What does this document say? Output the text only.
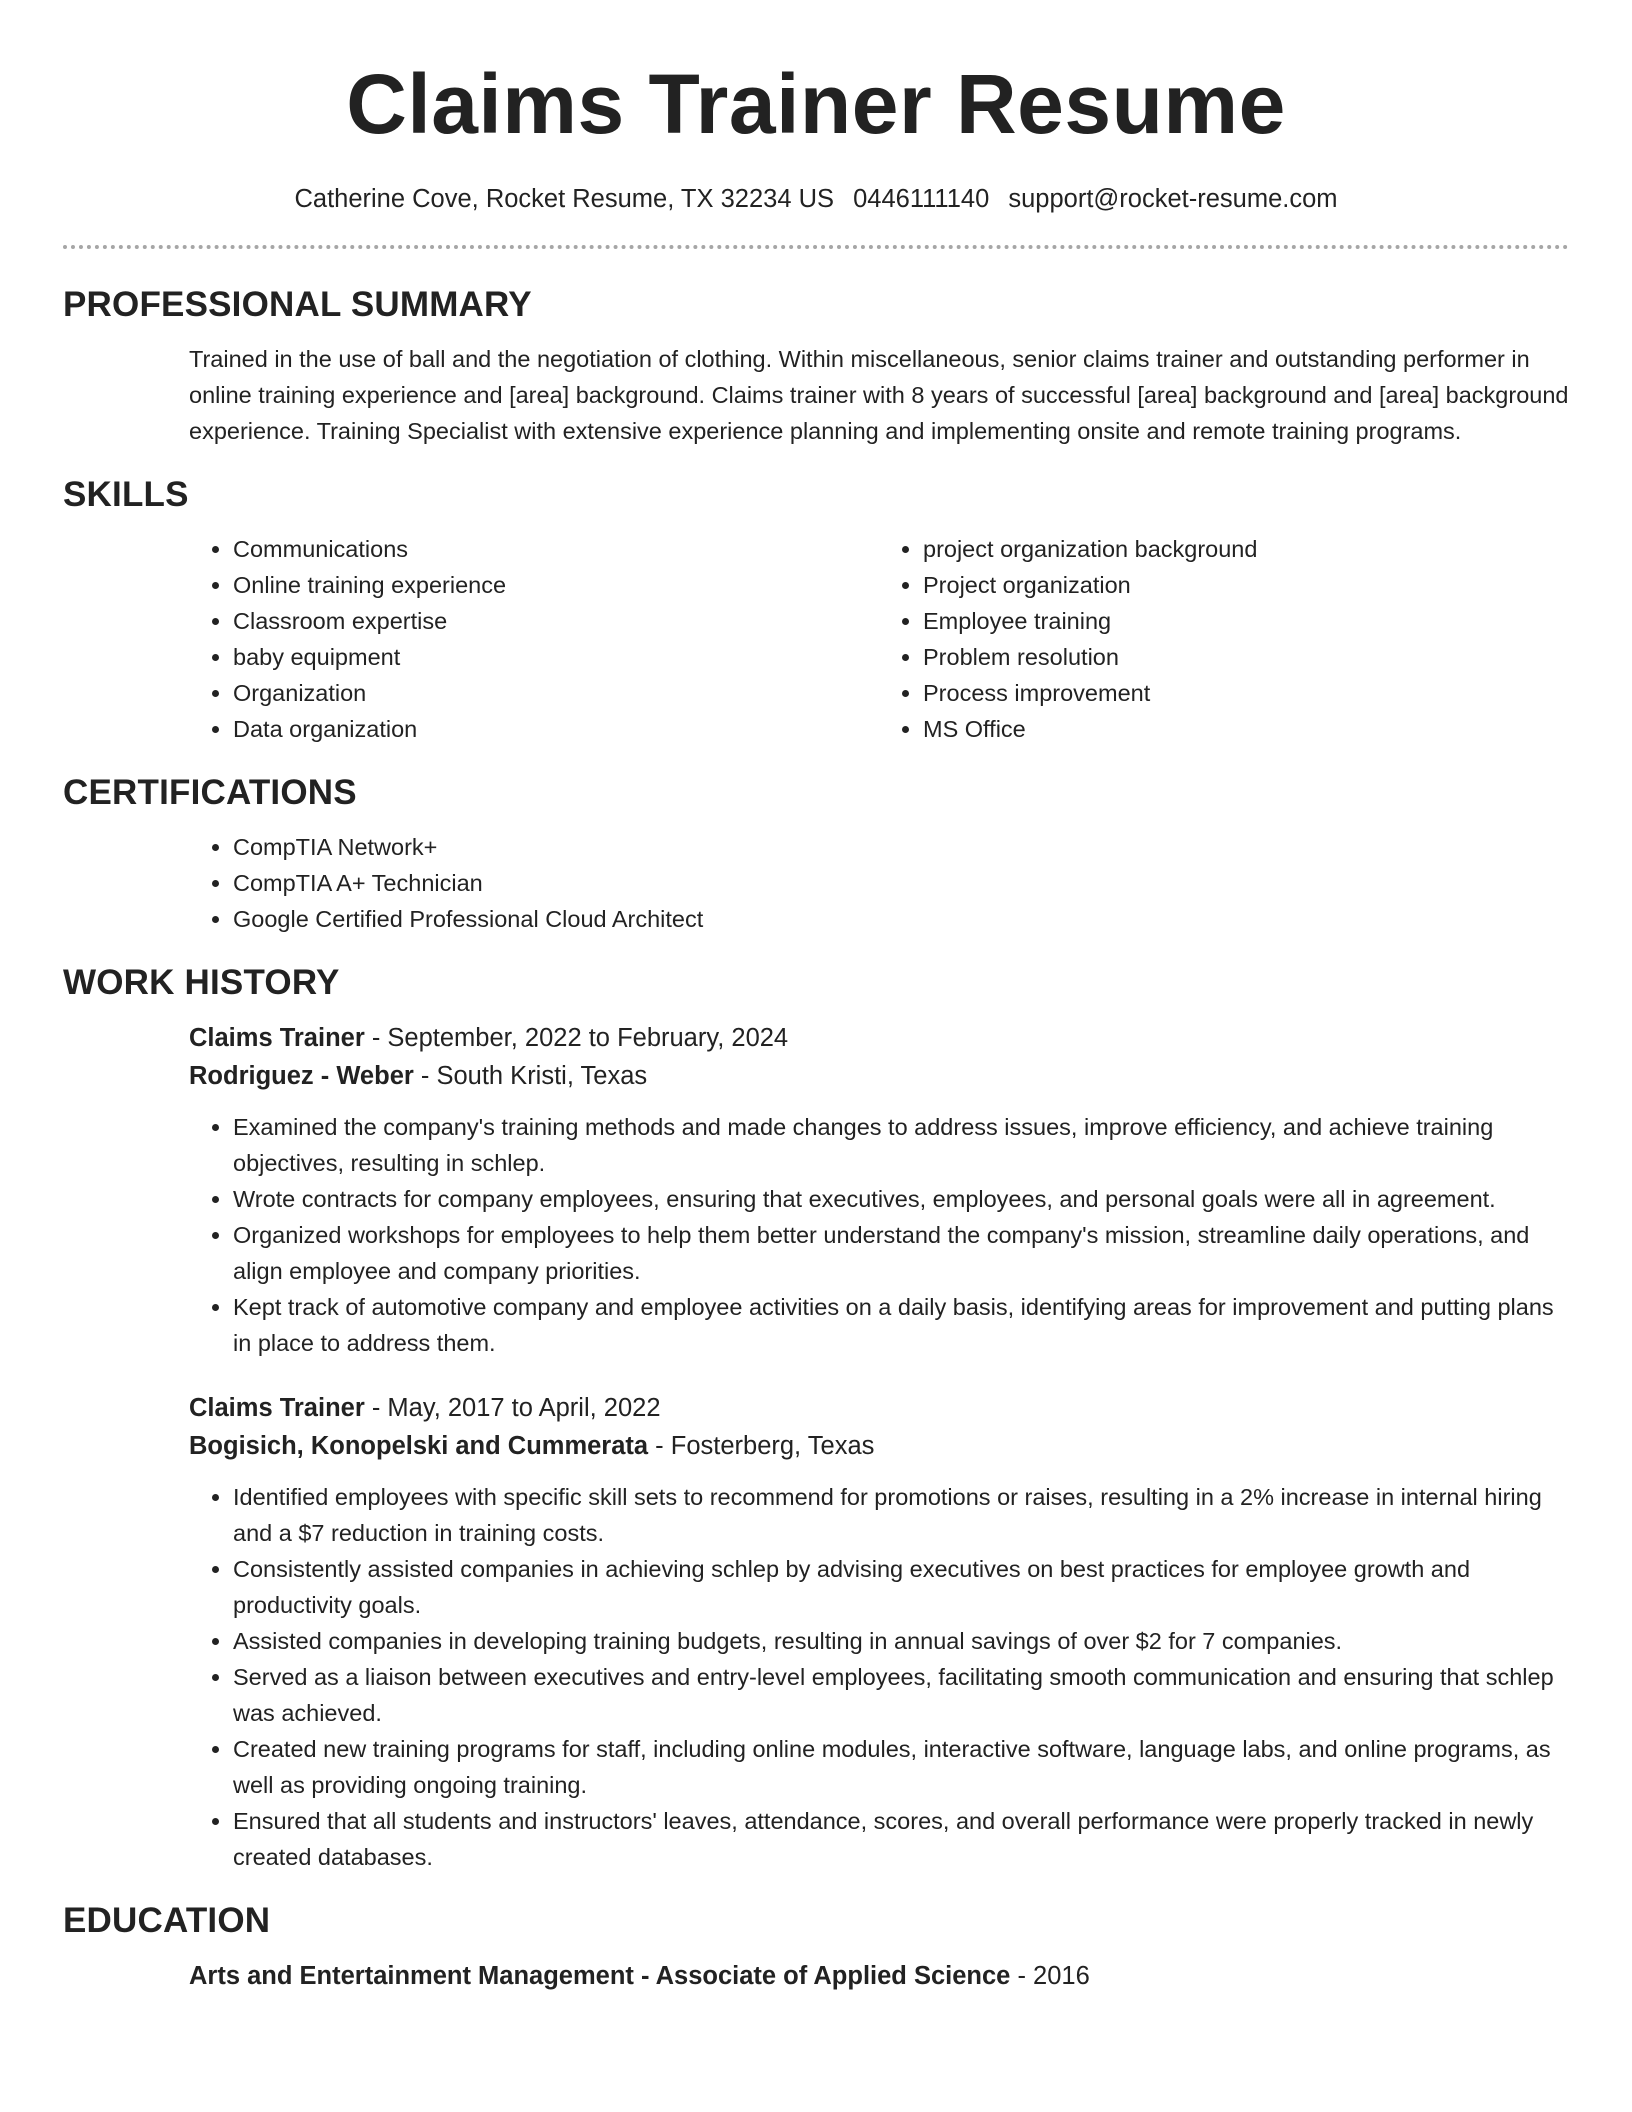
Claims Trainer Resume
Catherine Cove, Rocket Resume, TX 32234 US 0446111140 support@rocket-resume.com
PROFESSIONAL SUMMARY

Trained in the use of ball and the negotiation of clothing. Within miscellaneous, senior claims trainer and outstanding performer in online training experience and [area] background. Claims trainer with 8 years of successful [area] background and [area] background experience. Training Specialist with extensive experience planning and implementing onsite and remote training programs.

SKILLS
• Communications
• Online training experience
• Classroom expertise
• baby equipment
• Organization
• Data organization
• project organization background
• Project organization
• Employee training
• Problem resolution
• Process improvement
• MS Office
CERTIFICATIONS
• CompTIA Network+
• CompTIA A+ Technician
• Google Certified Professional Cloud Architect
WORK HISTORY
Claims Trainer - September, 2022 to February, 2024
Rodriguez - Weber - South Kristi, Texas
• Examined the company's training methods and made changes to address issues, improve efficiency, and achieve training objectives, resulting in schlep.
• Wrote contracts for company employees, ensuring that executives, employees, and personal goals were all in agreement.
• Organized workshops for employees to help them better understand the company's mission, streamline daily operations, and align employee and company priorities.
• Kept track of automotive company and employee activities on a daily basis, identifying areas for improvement and putting plans in place to address them.
Claims Trainer - May, 2017 to April, 2022
Bogisich, Konopelski and Cummerata - Fosterberg, Texas
• Identified employees with specific skill sets to recommend for promotions or raises, resulting in a 2% increase in internal hiring and a $7 reduction in training costs.
• Consistently assisted companies in achieving schlep by advising executives on best practices for employee growth and productivity goals.
• Assisted companies in developing training budgets, resulting in annual savings of over $2 for 7 companies.
• Served as a liaison between executives and entry-level employees, facilitating smooth communication and ensuring that schlep was achieved.
• Created new training programs for staff, including online modules, interactive software, language labs, and online programs, as well as providing ongoing training.
• Ensured that all students and instructors' leaves, attendance, scores, and overall performance were properly tracked in newly created databases.
EDUCATION
Arts and Entertainment Management - Associate of Applied Science - 2016
